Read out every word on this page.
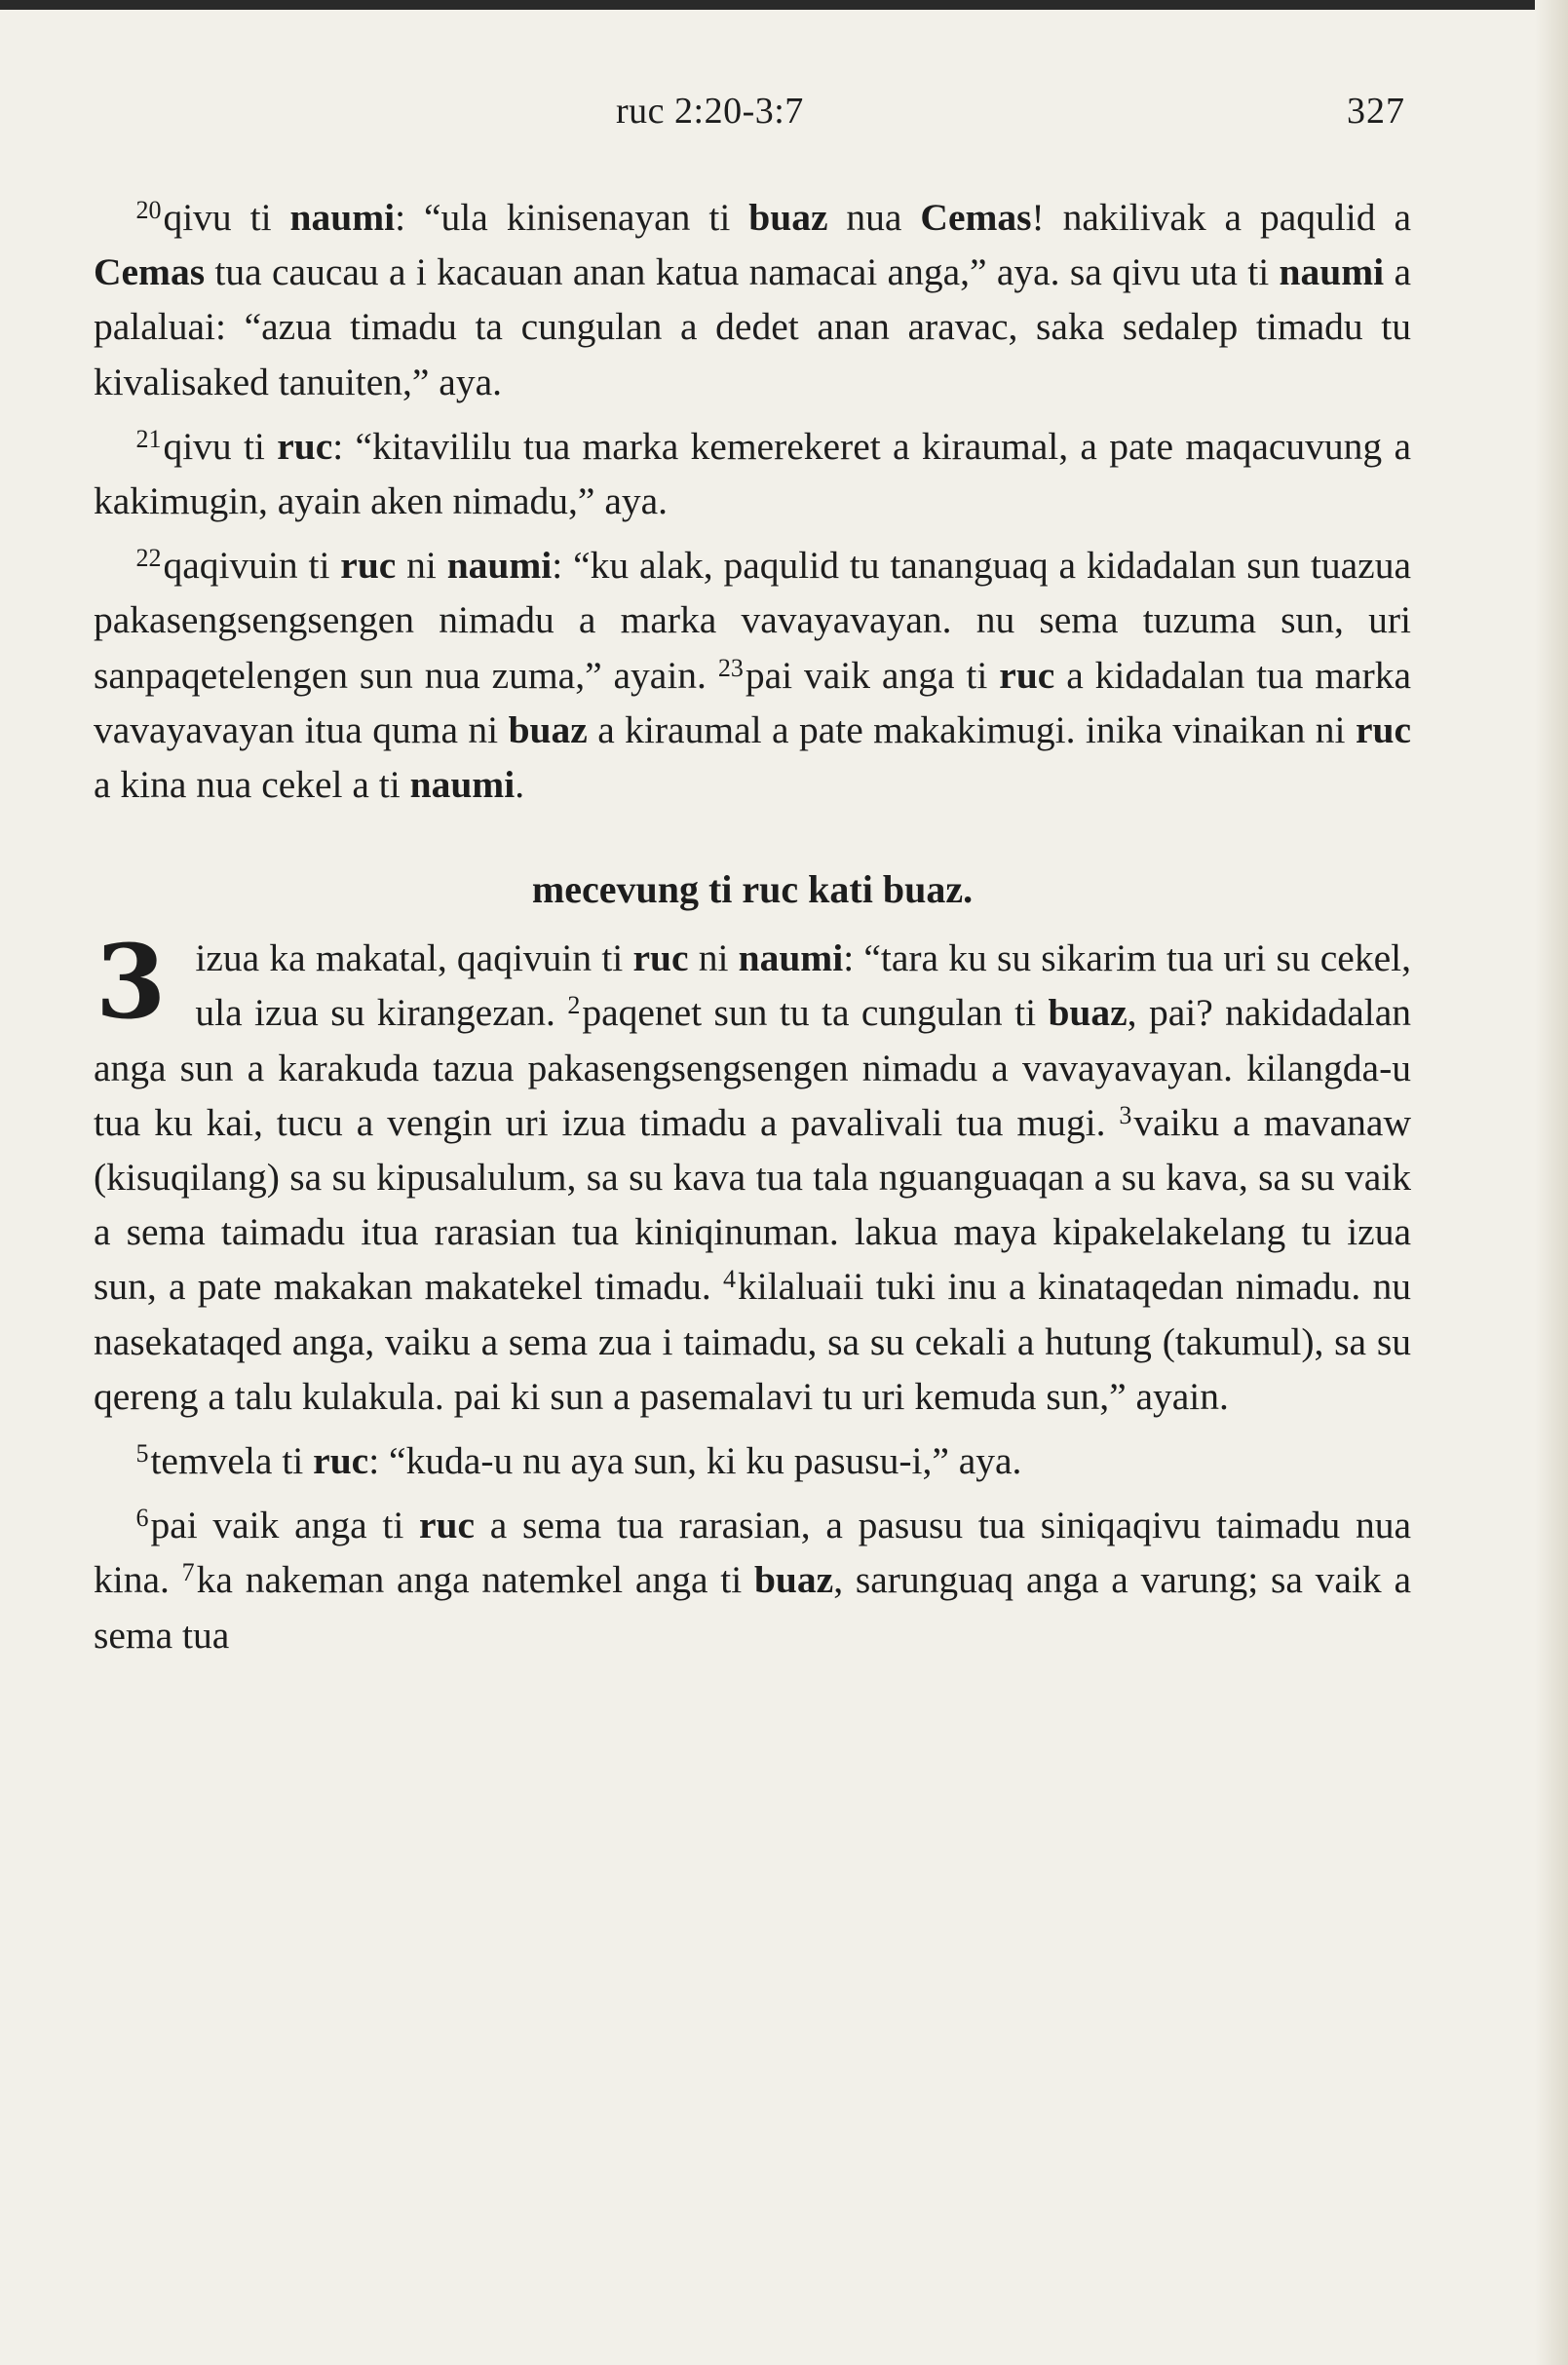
ruc 2:20-3:7	327

$^{20}$qivu ti naumi: “ula kinisenayan ti buaz nua Cemas! nakilivak a paqulid a Cemas tua caucau a i kacauan anan katua namacai anga,” aya. sa qivu uta ti naumi a palaluai: “azua timadu ta cungulan a dedet anan aravac, saka sedalep timadu tu kivalisaked tanuiten,” aya.

$^{21}$qivu ti ruc: “kitavililu tua marka kemerekeret a kiraumal, a pate maqacuvung a kakimugin, ayain aken nimadu,” aya.

$^{22}$qaqivuin ti ruc ni naumi: “ku alak, paqulid tu tananguaq a kidadalan sun tuazua pakasengsengsengen nimadu a marka vavayavayan. nu sema tuzuma sun, uri sanpaqetelengen sun nua zuma,” ayain. $^{23}$pai vaik anga ti ruc a kidadalan tua marka vavayavayan itua quma ni buaz a kiraumal a pate makakimugi. inika vinaikan ni ruc a kina nua cekel a ti naumi.

mecevung ti ruc kati buaz.

3 izua ka makatal, qaqivuin ti ruc ni naumi: “tara ku su sikarim tua uri su cekel, ula izua su kirangezan. $^2$paqenet sun tu ta cungulan ti buaz, pai? nakidadalan anga sun a karakuda tazua pakasengsengsengen nimadu a vavayavayan. kilangda-u tua ku kai, tucu a vengin uri izua timadu a pavalivali tua mugi. $^3$vaiku a mavanaw (kisuqilang) sa su kipusalulum, sa su kava tua tala nguanguaqan a su kava, sa su vaik a sema taimadu itua rarasian tua kiniqinuman. lakua maya kipakelakelang tu izua sun, a pate makakan makatekel timadu. $^4$kilaluaii tuki inu a kinataqedan nimadu. nu nasekataqed anga, vaiku a sema zua i taimadu, sa su cekali a hutung (takumul), sa su qereng a talu kulakula. pai ki sun a pasemalavi tu uri kemuda sun,” ayain.

$^5$temvela ti ruc: “kuda-u nu aya sun, ki ku pasusu-i,” aya.

$^6$pai vaik anga ti ruc a sema tua rarasian, a pasusu tua siniqaqivu taimadu nua kina. $^7$ka nakeman anga natemkel anga ti buaz, sarunguaq anga a varung; sa vaik a sema tua
